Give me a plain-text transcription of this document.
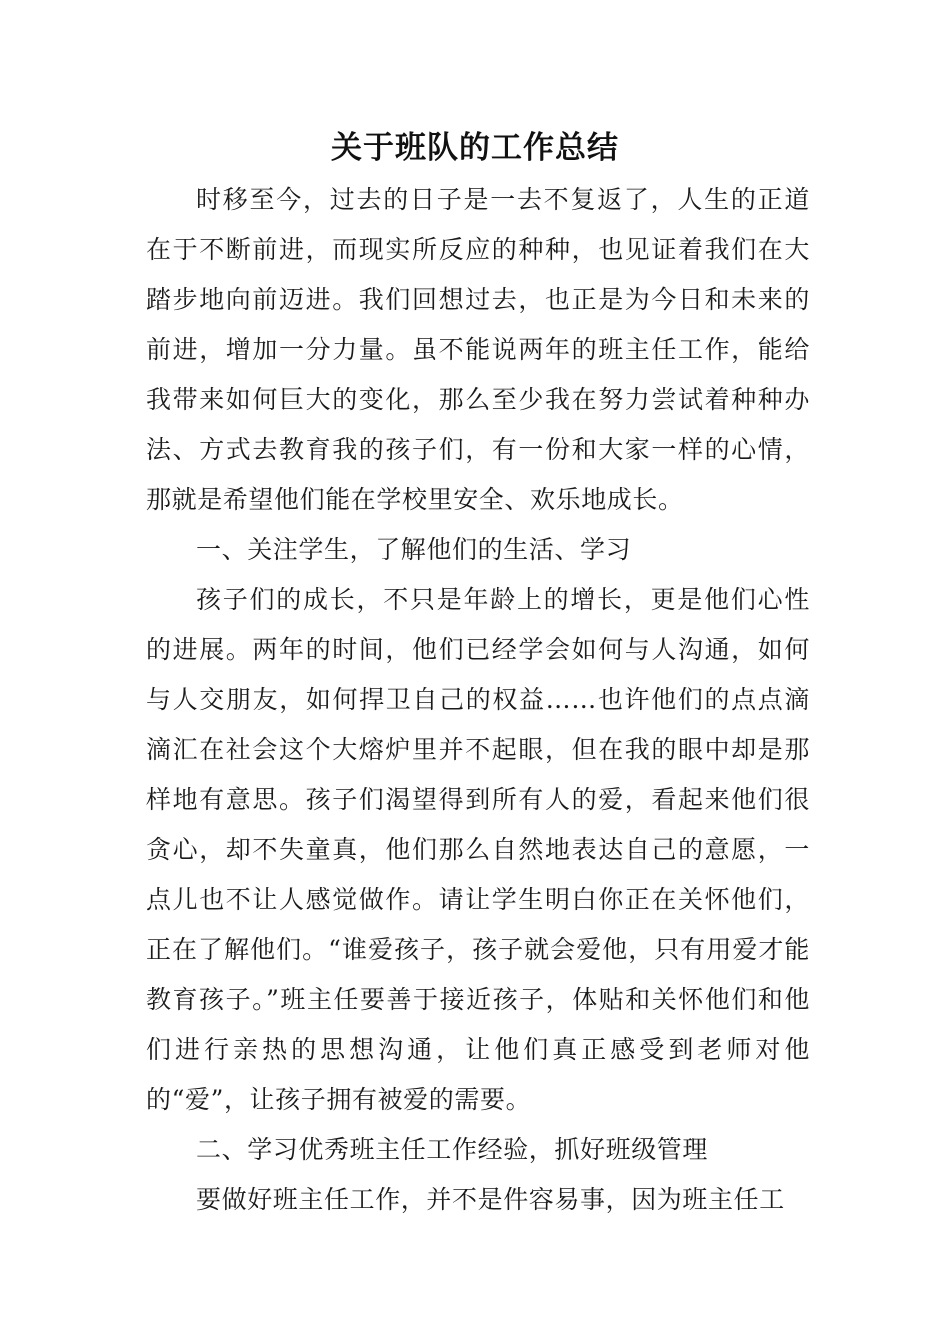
关于班队的工作总结

时移至今，过去的日子是一去不复返了，人生的正道在于不断前进，而现实所反应的种种，也见证着我们在大踏步地向前迈进。我们回想过去，也正是为今日和未来的前进，增加一分力量。虽不能说两年的班主任工作，能给我带来如何巨大的变化，那么至少我在努力尝试着种种办法、方式去教育我的孩子们，有一份和大家一样的心情，那就是希望他们能在学校里安全、欢乐地成长。

一、关注学生，了解他们的生活、学习

孩子们的成长，不只是年龄上的增长，更是他们心性的进展。两年的时间，他们已经学会如何与人沟通，如何与人交朋友，如何捍卫自己的权益……也许他们的点点滴滴汇在社会这个大熔炉里并不起眼，但在我的眼中却是那样地有意思。孩子们渴望得到所有人的爱，看起来他们很贪心，却不失童真，他们那么自然地表达自己的意愿，一点儿也不让人感觉做作。请让学生明白你正在关怀他们，正在了解他们。“谁爱孩子，孩子就会爱他，只有用爱才能教育孩子。”班主任要善于接近孩子，体贴和关怀他们和他们进行亲热的思想沟通，让他们真正感受到老师对他的“爱”，让孩子拥有被爱的需要。

二、学习优秀班主任工作经验，抓好班级管理

要做好班主任工作，并不是件容易事，因为班主任工
